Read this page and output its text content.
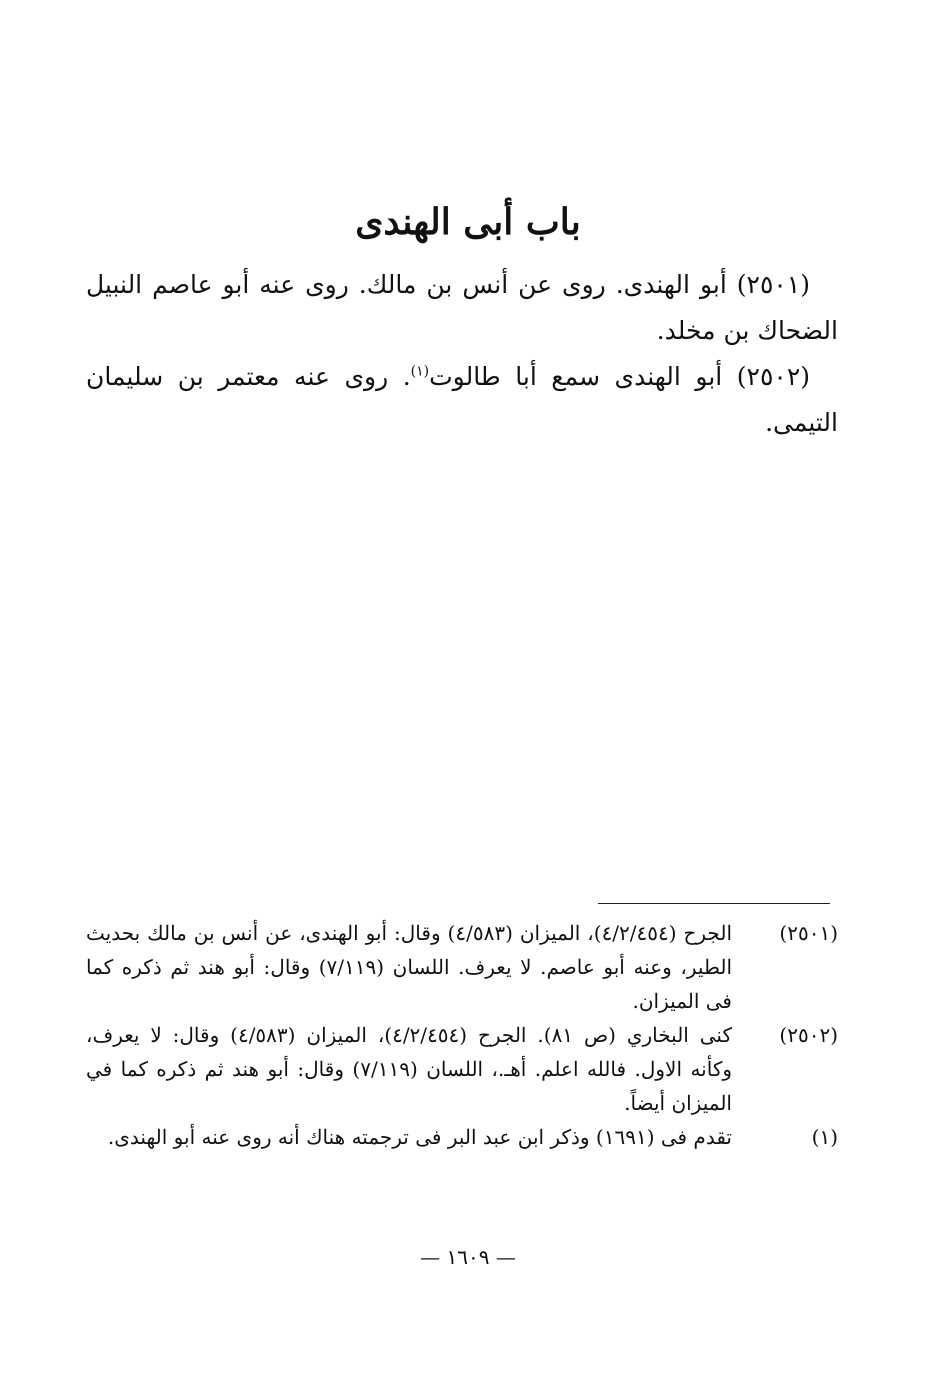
باب أبى الهندى

(٢٥٠١) أبو الهندى. روى عن أنس بن مالك. روى عنه أبو عاصم النبيل الضحاك بن مخلد.

(٢٥٠٢) أبو الهندى سمع أبا طالوت$^{(١)}$. روى عنه معتمر بن سليمان التيمى.

(٢٥٠١)
الجرح (٤/٢/٤٥٤)، الميزان (٤/٥٨٣) وقال: أبو الهندى، عن أنس بن مالك بحديث الطير، وعنه أبو عاصم. لا يعرف. اللسان (٧/١١٩) وقال: أبو هند ثم ذكره كما فى الميزان.
(٢٥٠٢)
كنى البخاري (ص ٨١). الجرح (٤/٢/٤٥٤)، الميزان (٤/٥٨٣) وقال: لا يعرف، وكأنه الاول. فالله اعلم. أهـ.، اللسان (٧/١١٩) وقال: أبو هند ثم ذكره كما في الميزان أيضاً.
(١)
تقدم فى (١٦٩١) وذكر ابن عبد البر فى ترجمته هناك أنه روى عنه أبو الهندى.
— ١٦٠٩ —
